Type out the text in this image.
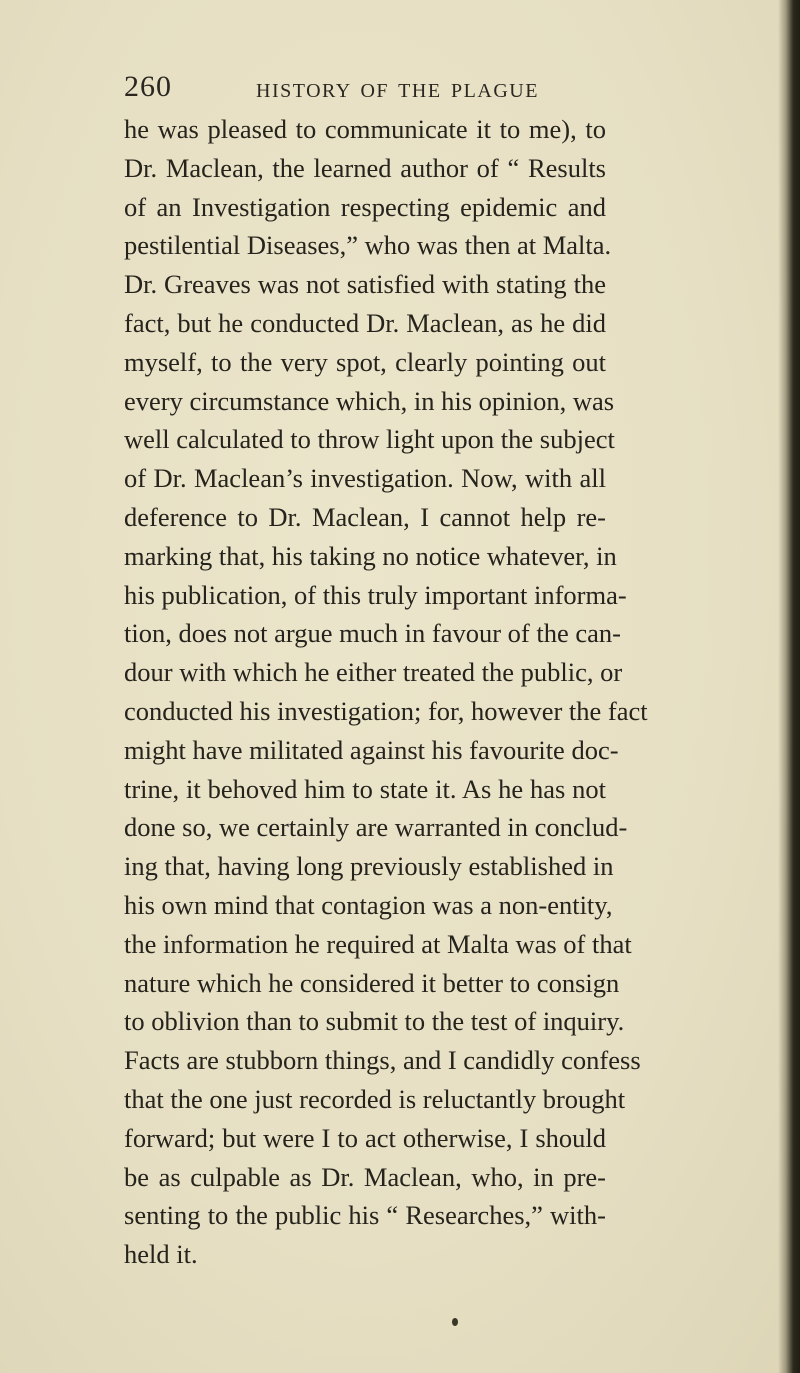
260	HISTORY OF THE PLAGUE
he was pleased to communicate it to me), to
Dr. Maclean, the learned author of “ Results
of an Investigation respecting epidemic and
pestilential Diseases,” who was then at Malta.
Dr. Greaves was not satisfied with stating the
fact, but he conducted Dr. Maclean, as he did
myself, to the very spot, clearly pointing out
every circumstance which, in his opinion, was
well calculated to throw light upon the subject
of Dr. Maclean’s investigation. Now, with all
deference to Dr. Maclean, I cannot help re-
marking that, his taking no notice whatever, in
his publication, of this truly important informa-
tion, does not argue much in favour of the can-
dour with which he either treated the public, or
conducted his investigation; for, however the fact
might have militated against his favourite doc-
trine, it behoved him to state it. As he has not
done so, we certainly are warranted in conclud-
ing that, having long previously established in
his own mind that contagion was a non-entity,
the information he required at Malta was of that
nature which he considered it better to consign
to oblivion than to submit to the test of inquiry.
Facts are stubborn things, and I candidly confess
that the one just recorded is reluctantly brought
forward; but were I to act otherwise, I should
be as culpable as Dr. Maclean, who, in pre-
senting to the public his “ Researches,” with-
held it.
